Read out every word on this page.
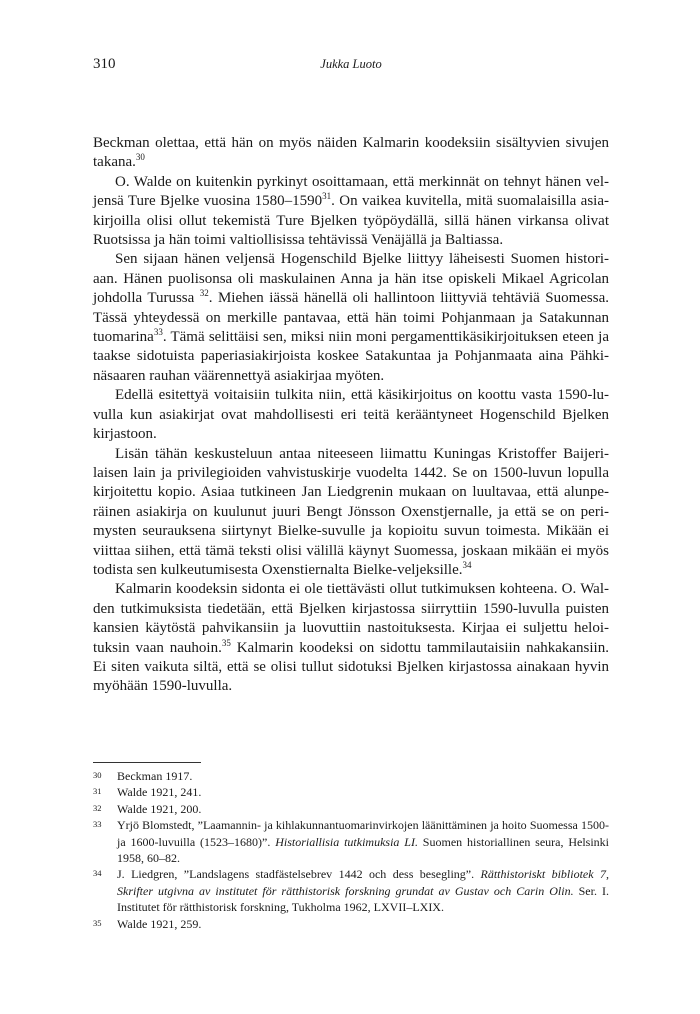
310	Jukka Luoto

Beckman olettaa, että hän on myös näiden Kalmarin koodeksiin sisältyvien sivujen takana.$^{30}$

O. Walde on kuitenkin pyrkinyt osoittamaan, että merkinnät on tehnyt hänen veljensä Ture Bjelke vuosina 1580–1590$^{31}$. On vaikea kuvitella, mitä suomalaisilla asiakirjoilla olisi ollut tekemistä Ture Bjelken työpöydällä, sillä hänen virkansa olivat Ruotsissa ja hän toimi valtiollisissa tehtävissä Venäjällä ja Baltiassa.

Sen sijaan hänen veljensä Hogenschild Bjelke liittyy läheisesti Suomen historiaan. Hänen puolisonsa oli maskulainen Anna ja hän itse opiskeli Mikael Agricolan johdolla Turussa $^{32}$. Miehen iässä hänellä oli hallintoon liittyviä tehtäviä Suomessa. Tässä yhteydessä on merkille pantavaa, että hän toimi Pohjanmaan ja Satakunnan tuomarina$^{33}$. Tämä selittäisi sen, miksi niin moni pergamenttikäsikirjoituksen eteen ja taakse sidotuista paperiasiakirjoista koskee Satakuntaa ja Pohjanmaata aina Pähkinäsaaren rauhan väärennettyä asiakirjaa myöten.

Edellä esitettyä voitaisiin tulkita niin, että käsikirjoitus on koottu vasta 1590-luvulla kun asiakirjat ovat mahdollisesti eri teitä kerääntyneet Hogenschild Bjelken kirjastoon.

Lisän tähän keskusteluun antaa niteeseen liimattu Kuningas Kristoffer Baijerilaisen lain ja privilegioiden vahvistuskirje vuodelta 1442. Se on 1500-luvun lopulla kirjoitettu kopio. Asiaa tutkineen Jan Liedgrenin mukaan on luultavaa, että alunperäinen asiakirja on kuulunut juuri Bengt Jönsson Oxenstjernalle, ja että se on perimysten seurauksena siirtynyt Bielke-suvulle ja kopioitu suvun toimesta. Mikään ei viittaa siihen, että tämä teksti olisi välillä käynyt Suomessa, joskaan mikään ei myös todista sen kulkeutumisesta Oxenstiernalta Bielke-veljeksille.$^{34}$

Kalmarin koodeksin sidonta ei ole tiettävästi ollut tutkimuksen kohteena. O. Walden tutkimuksista tiedetään, että Bjelken kirjastossa siirryttiin 1590-luvulla puisten kansien käytöstä pahvikansiin ja luovuttiin nastoituksesta. Kirjaa ei suljettu heloituksin vaan nauhoin.$^{35}$ Kalmarin koodeksi on sidottu tammilautaisiin nahkakansiin. Ei siten vaikuta siltä, että se olisi tullut sidotuksi Bjelken kirjastossa ainakaan hyvin myöhään 1590-luvulla.

30	Beckman 1917.
31	Walde 1921, 241.
32	Walde 1921, 200.
33	Yrjö Blomstedt, ”Laamannin- ja kihlakunnantuomarinvirkojen läänittäminen ja hoito Suomessa 1500- ja 1600-luvuilla (1523–1680)”. Historiallisia tutkimuksia LI. Suomen historiallinen seura, Helsinki 1958, 60–82.
34	J. Liedgren, ”Landslagens stadfästelsebrev 1442 och dess besegling”. Rätthistoriskt bibliotek 7, Skrifter utgivna av institutet för rätthistorisk forskning grundat av Gustav och Carin Olin. Ser. I. Institutet för rätthistorisk forskning, Tukholma 1962, LXVII–LXIX.
35	Walde 1921, 259.
